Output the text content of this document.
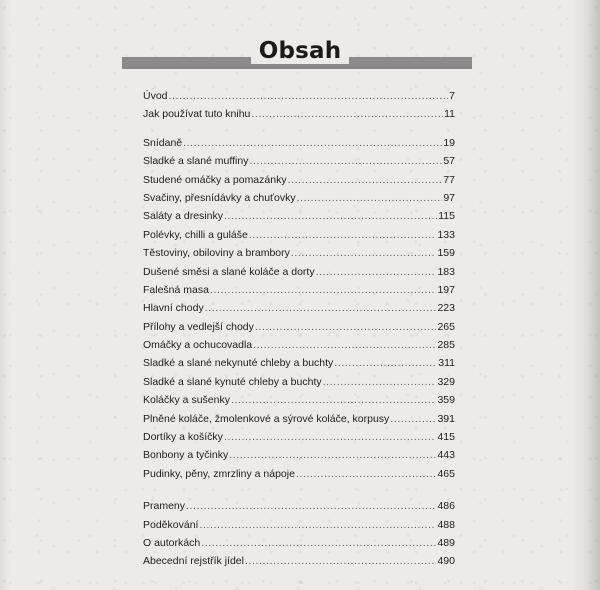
Obsah
Úvod .....	7
Jak používat tuto knihu .....	11
Snídaně .....	19
Sladké a slané muffiny .....	57
Studené omáčky a pomazánky .....	77
Svačiny, přesnídávky a chuťovky .....	97
Saláty a dresinky .....	115
Polévky, chilli a guláše .....	133
Těstoviny, obiloviny a brambory .....	159
Dušené směsi a slané koláče a dorty .....	183
Falešná masa .....	197
Hlavní chody .....	223
Přílohy a vedlejší chody .....	265
Omáčky a ochucovadla .....	285
Sladké a slané nekynuté chleby a buchty .....	311
Sladké a slané kynuté chleby a buchty .....	329
Koláčky a sušenky .....	359
Plněné koláče, žmolenkové a sýrové koláče, korpusy .....	391
Dortíky a košíčky .....	415
Bonbony a tyčinky .....	443
Pudinky, pěny, zmrzliny a nápoje .....	465
Prameny .....	486
Poděkování .....	488
O autorkách .....	489
Abecední rejstřík jídel .....	490
